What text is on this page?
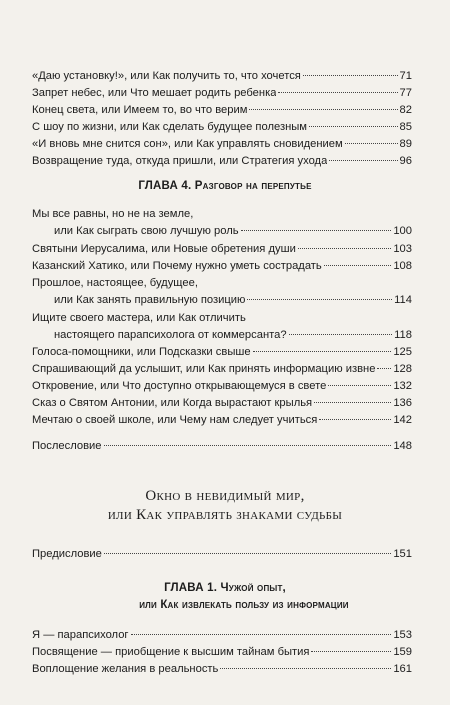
«Даю установку!», или Как получить то, что хочется	71
Запрет небес, или Что мешает родить ребенка	77
Конец света, или Имеем то, во что верим	82
С шоу по жизни, или Как сделать будущее полезным	85
«И вновь мне снится сон», или Как управлять сновидением	89
Возвращение туда, откуда пришли, или Стратегия ухода	96
ГЛАВА 4. Разговор на перепутье
Мы все равны, но не на земле,
или Как сыграть свою лучшую роль	100
Святыни Иерусалима, или Новые обретения души	103
Казанский Хатико, или Почему нужно уметь сострадать	108
Прошлое, настоящее, будущее,
или Как занять правильную позицию	114
Ищите своего мастера, или Как отличить
настоящего парапсихолога от коммерсанта?	118
Голоса-помощники, или Подсказки свыше	125
Спрашивающий да услышит, или Как принять информацию извне 128
Откровение, или Что доступно открывающемуся в свете	132
Сказ о Святом Антонии, или Когда вырастают крылья	136
Мечтаю о своей школе, или Чему нам следует учиться	142
Послесловие	148
Окно в невидимый мир,
или Как управлять знаками судьбы
Предисловие	151
ГЛАВА 1. Чужой опыт,
или Как извлекать пользу из информации
Я — парапсихолог	153
Посвящение — приобщение к высшим тайнам бытия	159
Воплощение желания в реальность	161
